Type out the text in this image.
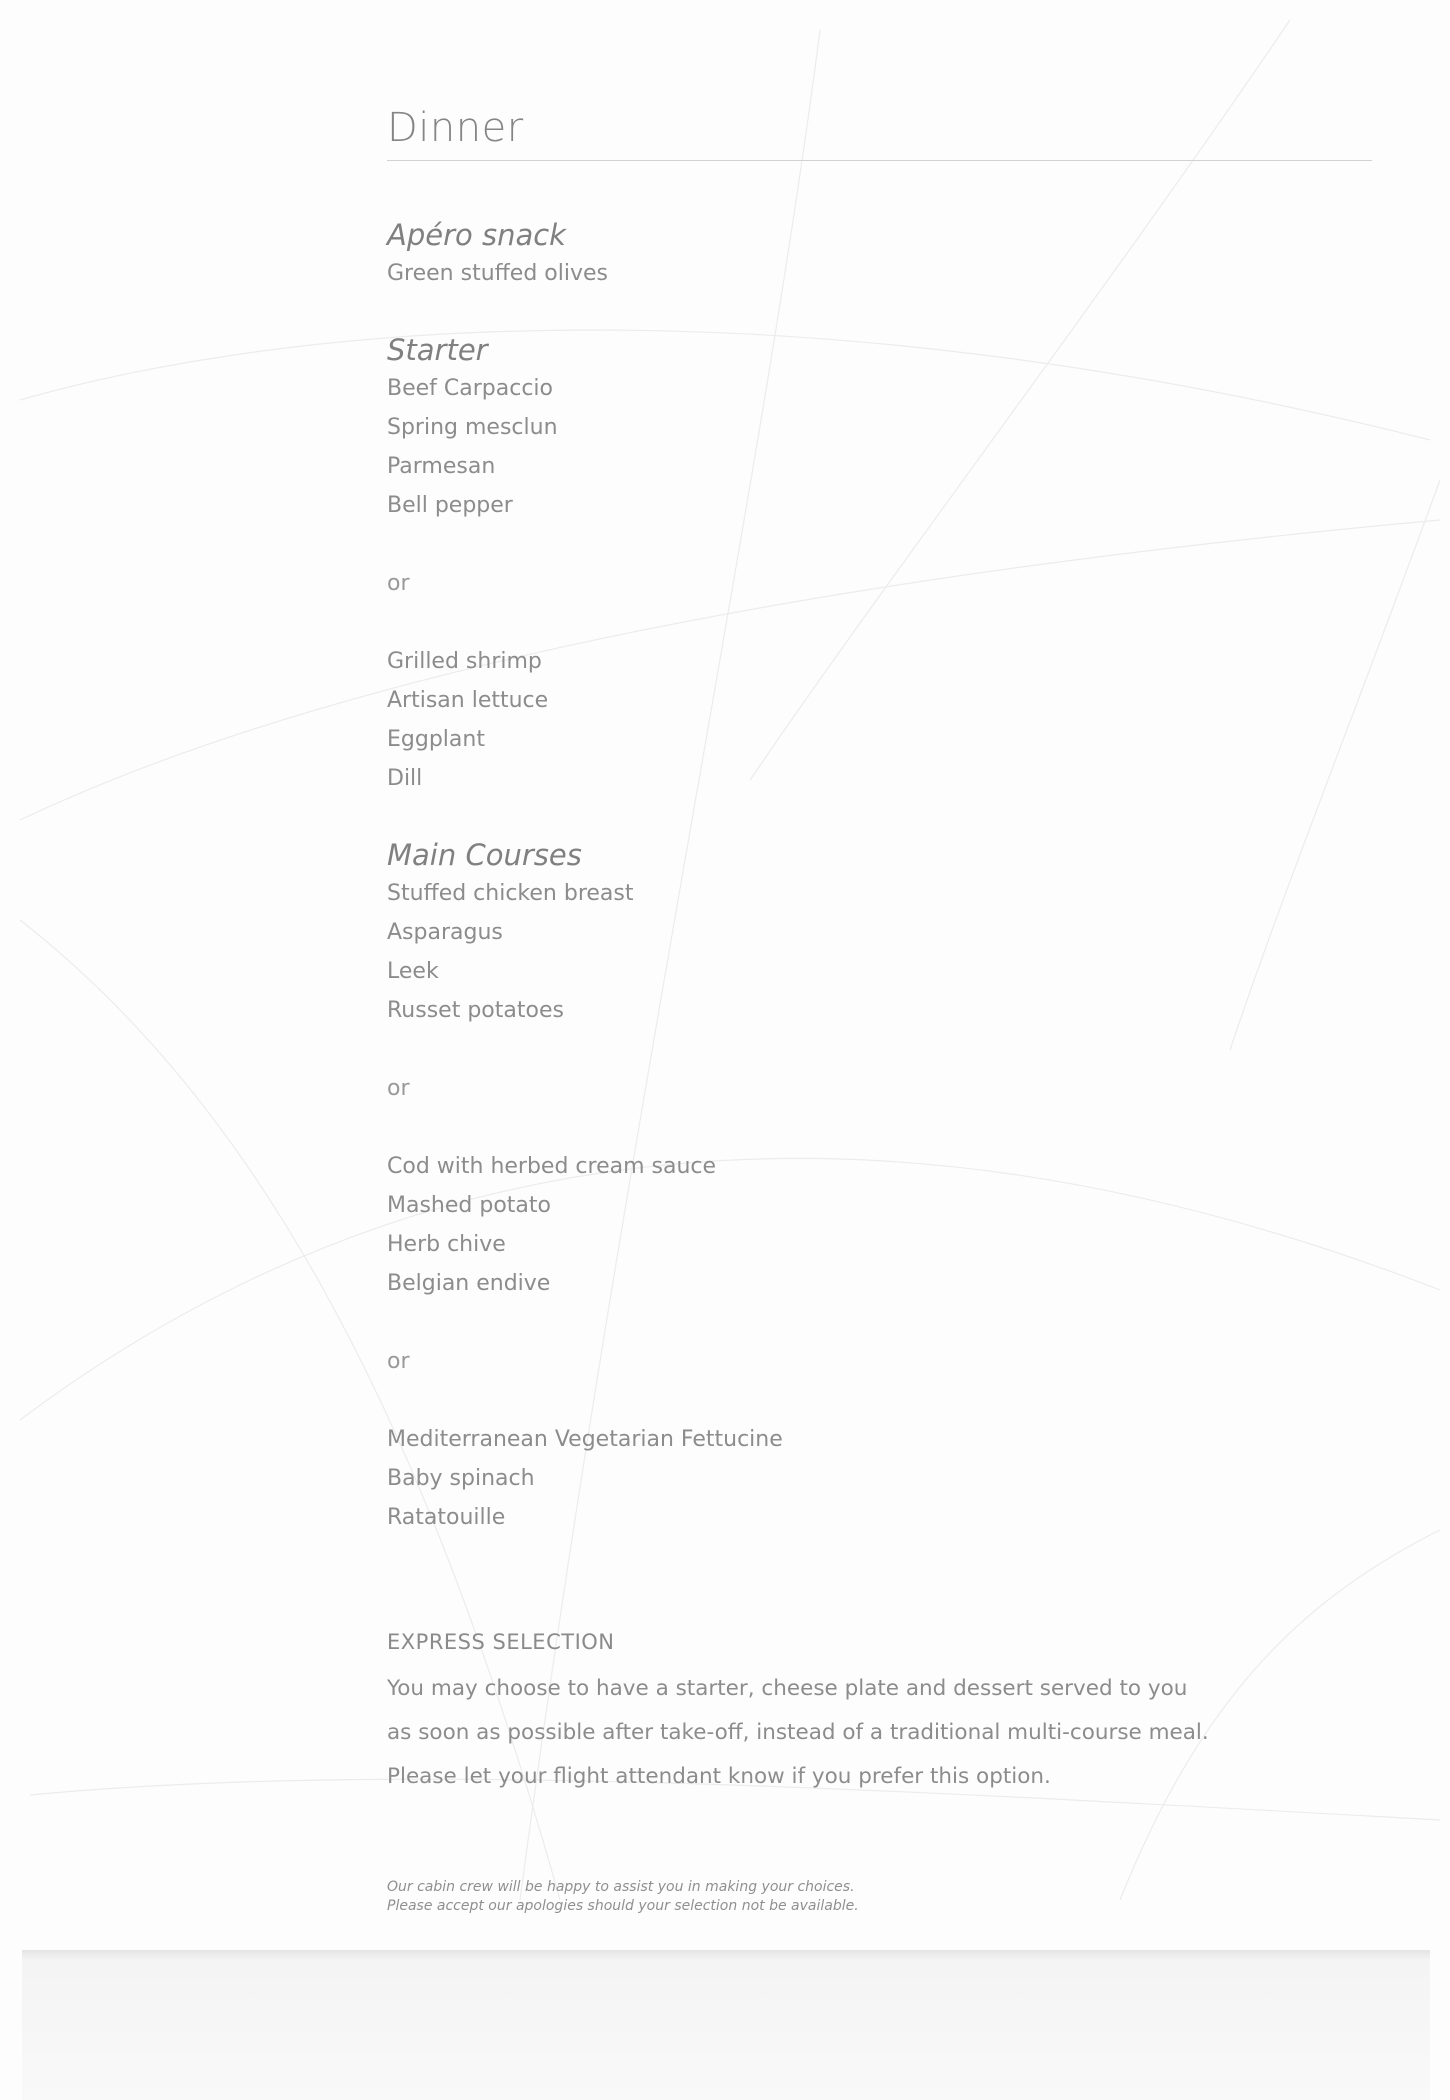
Dinner
Apéro snack

Green stuffed olives

Starter

Beef Carpaccio

Spring mesclun

Parmesan

Bell pepper

or

Grilled shrimp

Artisan lettuce

Eggplant

Dill

Main Courses

Stuffed chicken breast

Asparagus

Leek

Russet potatoes

or

Cod with herbed cream sauce

Mashed potato

Herb chive

Belgian endive

or

Mediterranean Vegetarian Fettucine

Baby spinach

Ratatouille

EXPRESS SELECTION

You may choose to have a starter, cheese plate and dessert served to you

as soon as possible after take-off, instead of a traditional multi-course meal.

Please let your flight attendant know if you prefer this option.

Our cabin crew will be happy to assist you in making your choices.

Please accept our apologies should your selection not be available.
